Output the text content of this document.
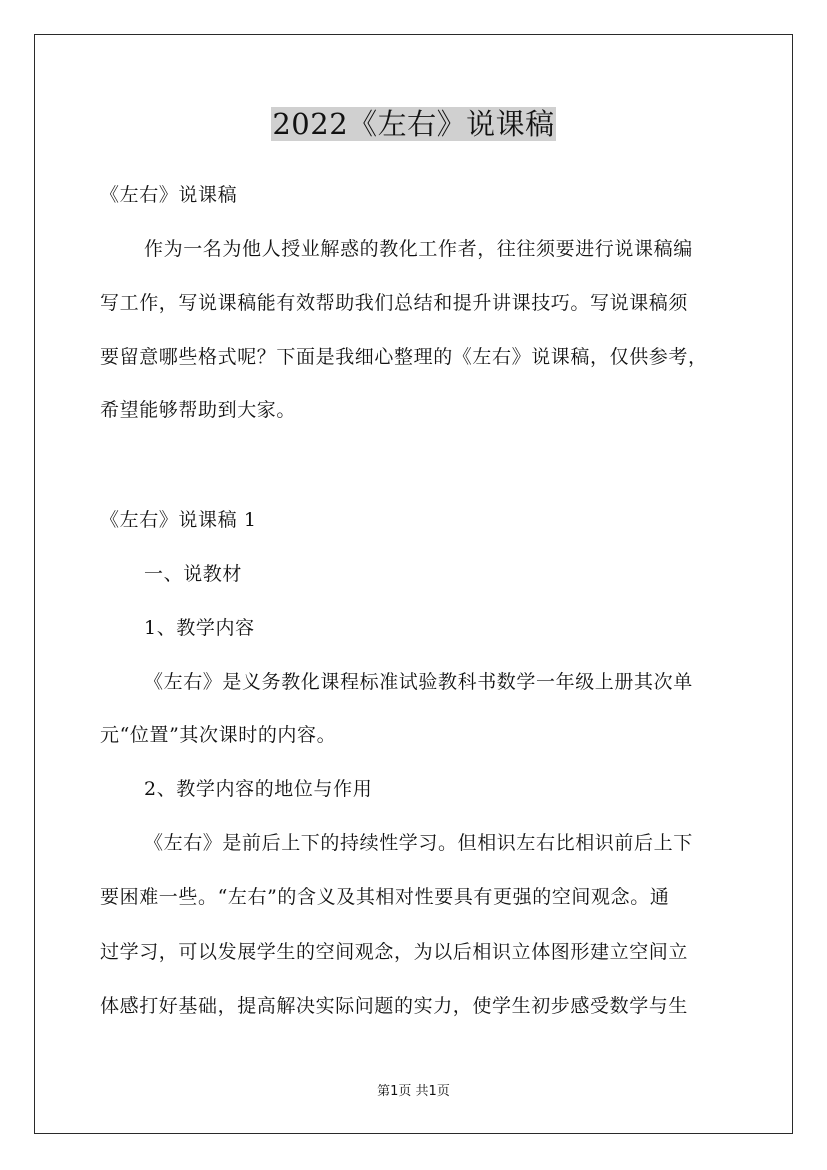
2022《左右》说课稿
《左右》说课稿
作为一名为他人授业解惑的教化工作者，往往须要进行说课稿编
写工作，写说课稿能有效帮助我们总结和提升讲课技巧。写说课稿须
要留意哪些格式呢？下面是我细心整理的《左右》说课稿，仅供参考，
希望能够帮助到大家。
《左右》说课稿 1
一、说教材
1、教学内容
《左右》是义务教化课程标准试验教科书数学一年级上册其次单
元“位置”其次课时的内容。
2、教学内容的地位与作用
《左右》是前后上下的持续性学习。但相识左右比相识前后上下
要困难一些。“左右”的含义及其相对性要具有更强的空间观念。通
过学习，可以发展学生的空间观念，为以后相识立体图形建立空间立
体感打好基础，提高解决实际问题的实力，使学生初步感受数学与生
第1页 共1页
